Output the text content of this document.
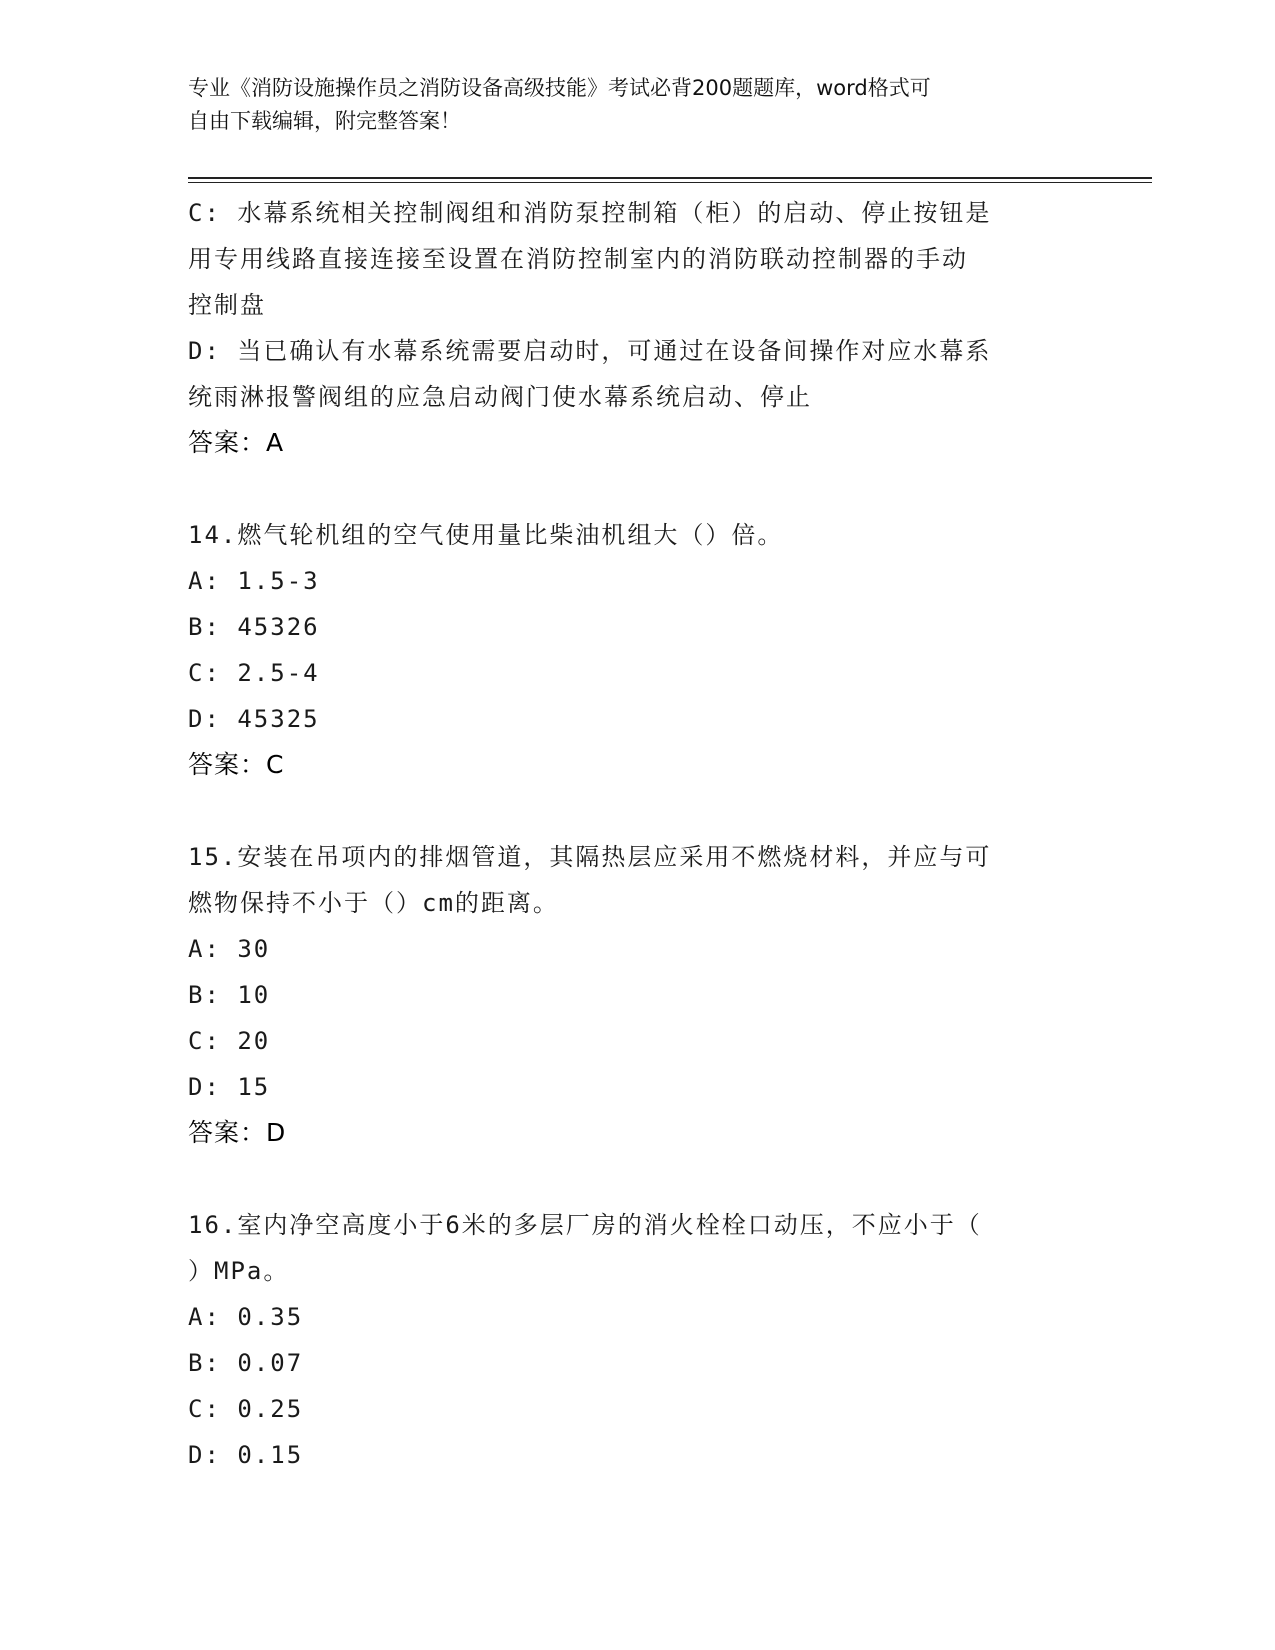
专业《消防设施操作员之消防设备高级技能》考试必背200题题库，word格式可
自由下载编辑，附完整答案！
C: 水幕系统相关控制阀组和消防泵控制箱（柜）的启动、停止按钮是
用专用线路直接连接至设置在消防控制室内的消防联动控制器的手动
控制盘
D: 当已确认有水幕系统需要启动时，可通过在设备间操作对应水幕系
统雨淋报警阀组的应急启动阀门使水幕系统启动、停止
答案：A
14.燃气轮机组的空气使用量比柴油机组大（）倍。
A: 1.5-3
B: 45326
C: 2.5-4
D: 45325
答案：C
15.安装在吊项内的排烟管道，其隔热层应采用不燃烧材料，并应与可
燃物保持不小于（）cm的距离。
A: 30
B: 10
C: 20
D: 15
答案：D
16.室内净空高度小于6米的多层厂房的消火栓栓口动压，不应小于（
）MPa。
A: 0.35
B: 0.07
C: 0.25
D: 0.15
